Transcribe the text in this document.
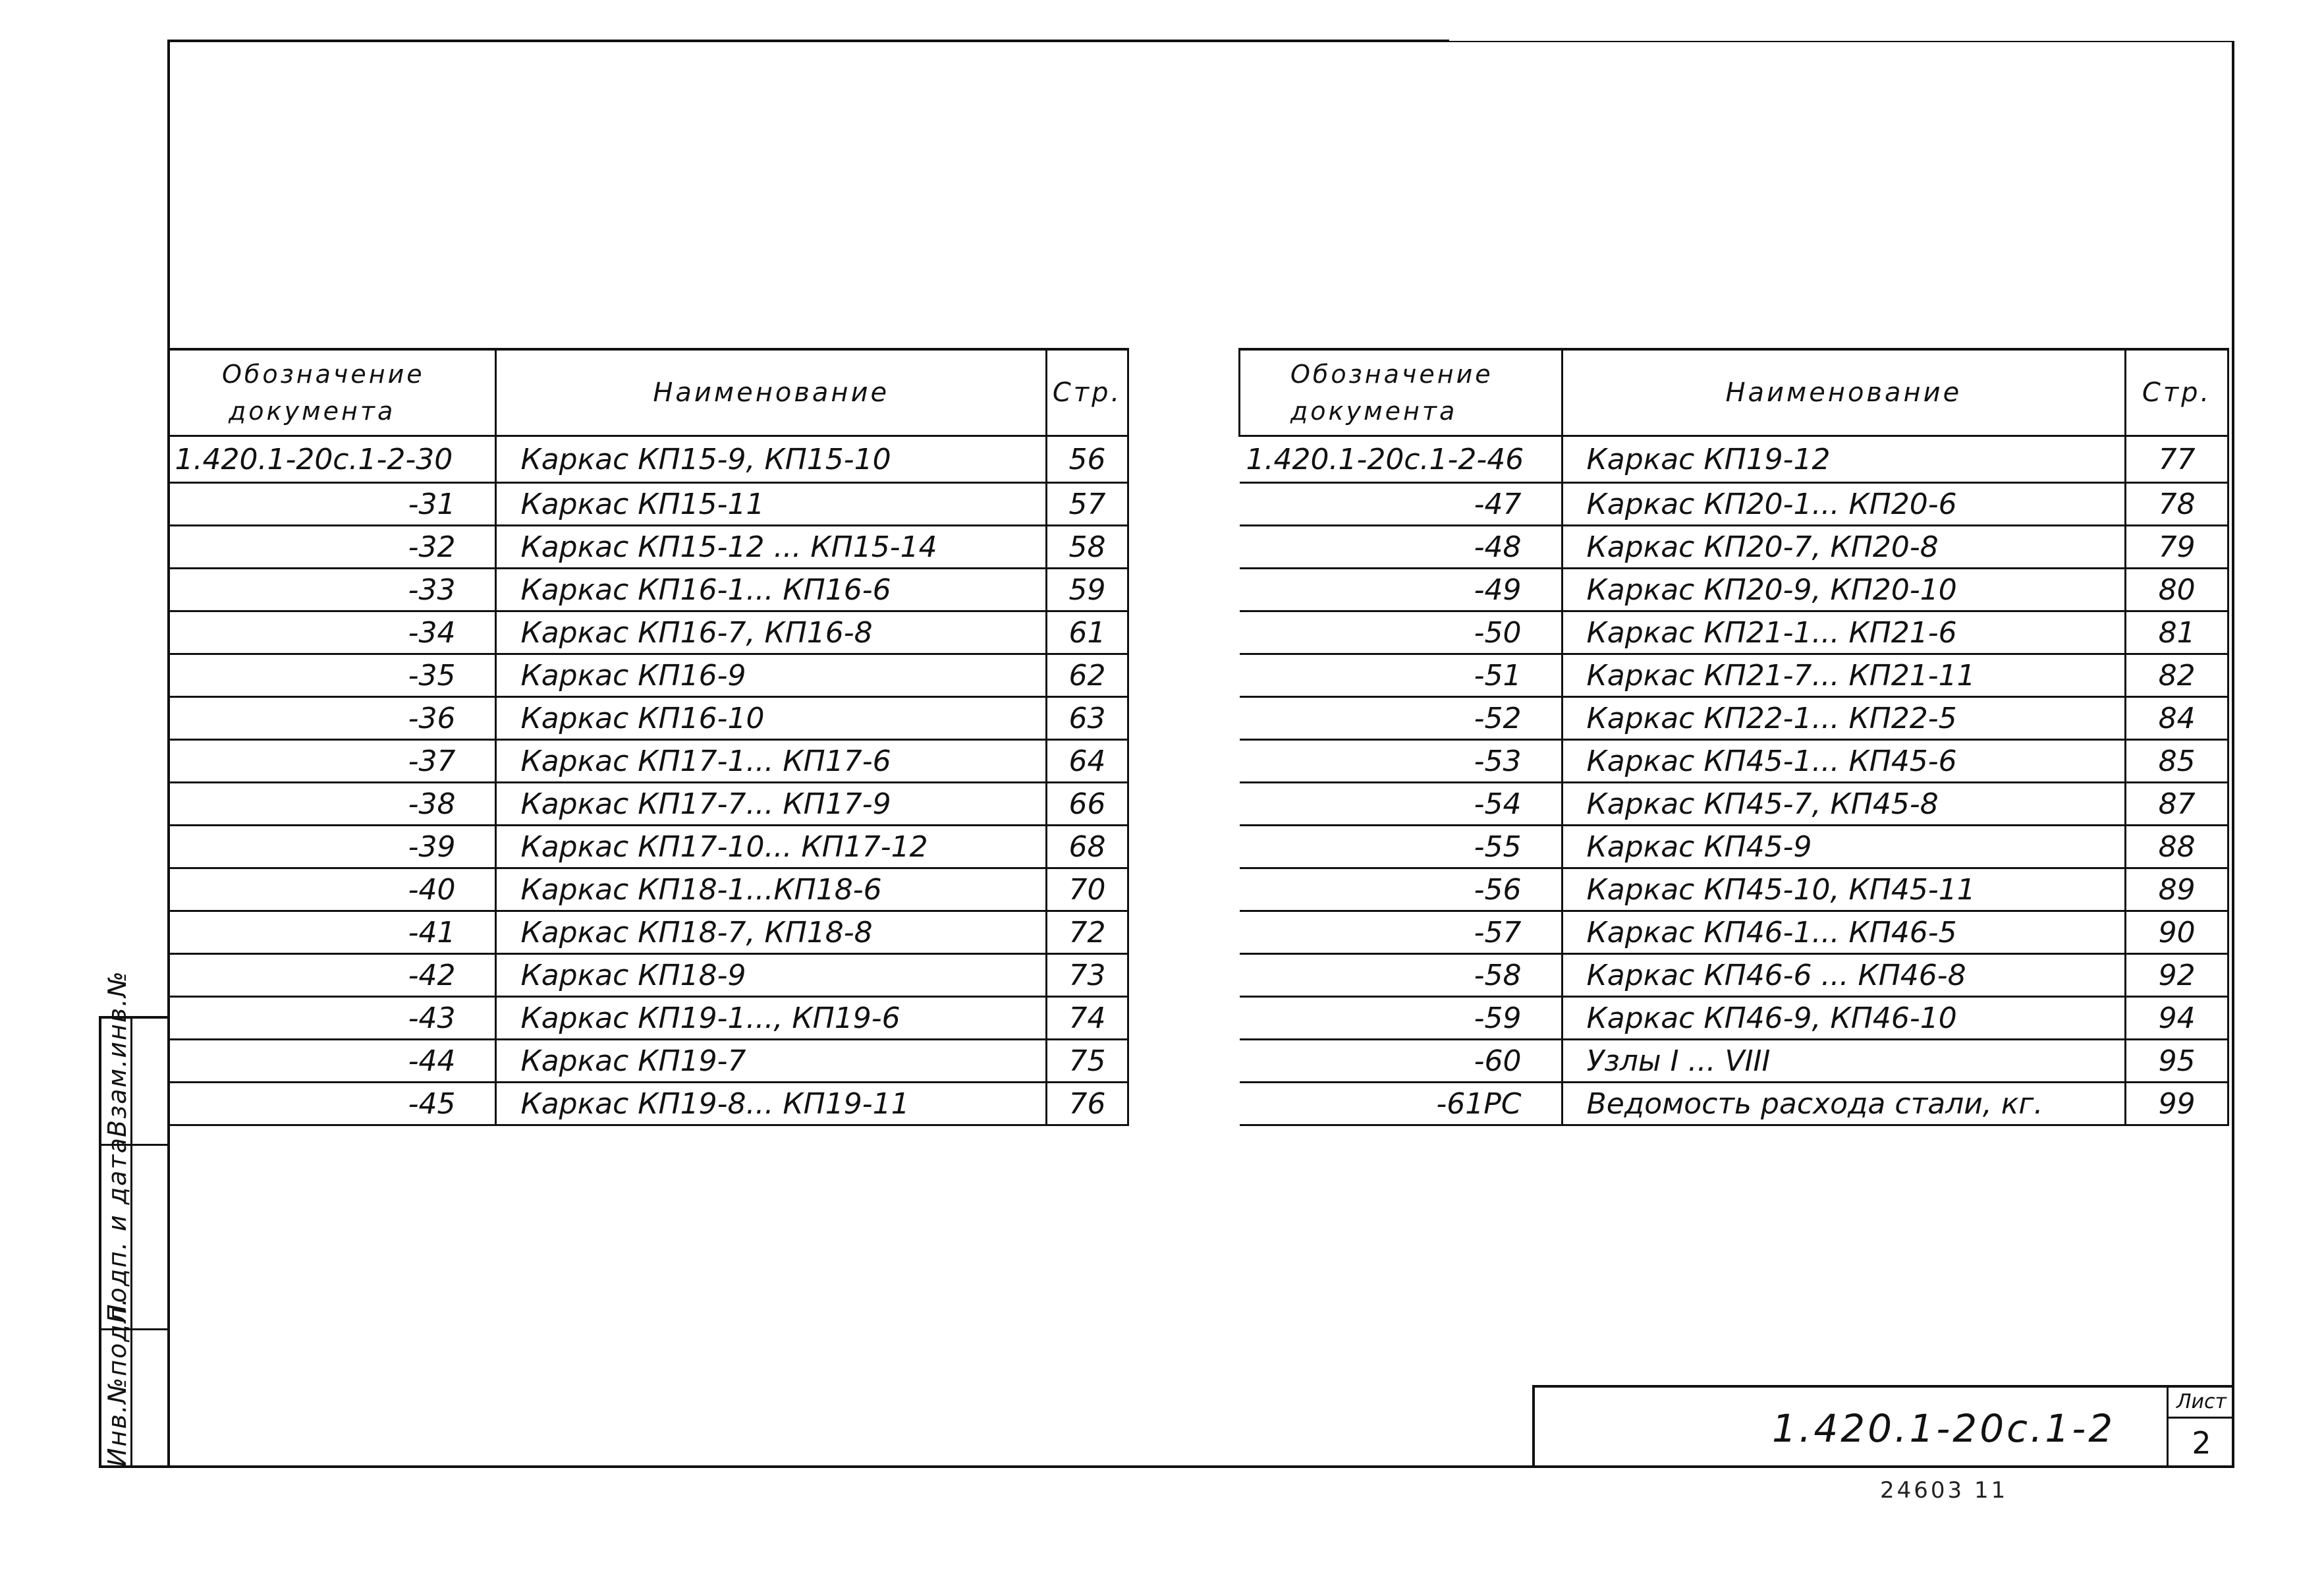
Обозначение
документа	Наименование	Стр.
1.420.1-20с.1-2-30	Каркас КП15-9, КП15-10	56
-31	Каркас КП15-11	57
-32	Каркас КП15-12 ... КП15-14	58
-33	Каркас КП16-1... КП16-6	59
-34	Каркас КП16-7, КП16-8	61
-35	Каркас КП16-9	62
-36	Каркас КП16-10	63
-37	Каркас КП17-1... КП17-6	64
-38	Каркас КП17-7... КП17-9	66
-39	Каркас КП17-10... КП17-12	68
-40	Каркас КП18-1...КП18-6	70
-41	Каркас КП18-7, КП18-8	72
-42	Каркас КП18-9	73
-43	Каркас КП19-1..., КП19-6	74
-44	Каркас КП19-7	75
-45	Каркас КП19-8... КП19-11	76
Обозначение
документа	Наименование	Стр.
1.420.1-20с.1-2-46	Каркас КП19-12	77
-47	Каркас КП20-1... КП20-6	78
-48	Каркас КП20-7, КП20-8	79
-49	Каркас КП20-9, КП20-10	80
-50	Каркас КП21-1... КП21-6	81
-51	Каркас КП21-7... КП21-11	82
-52	Каркас КП22-1... КП22-5	84
-53	Каркас КП45-1... КП45-6	85
-54	Каркас КП45-7, КП45-8	87
-55	Каркас КП45-9	88
-56	Каркас КП45-10, КП45-11	89
-57	Каркас КП46-1... КП46-5	90
-58	Каркас КП46-6 ... КП46-8	92
-59	Каркас КП46-9, КП46-10	94
-60	Узлы I ... VIII	95
-61РС	Ведомость расхода стали, кг.	99
Инв.№подл.
Подп. и дата
Взам.инв.№
1.420.1-20с.1-2
Лист
2
24603 11
